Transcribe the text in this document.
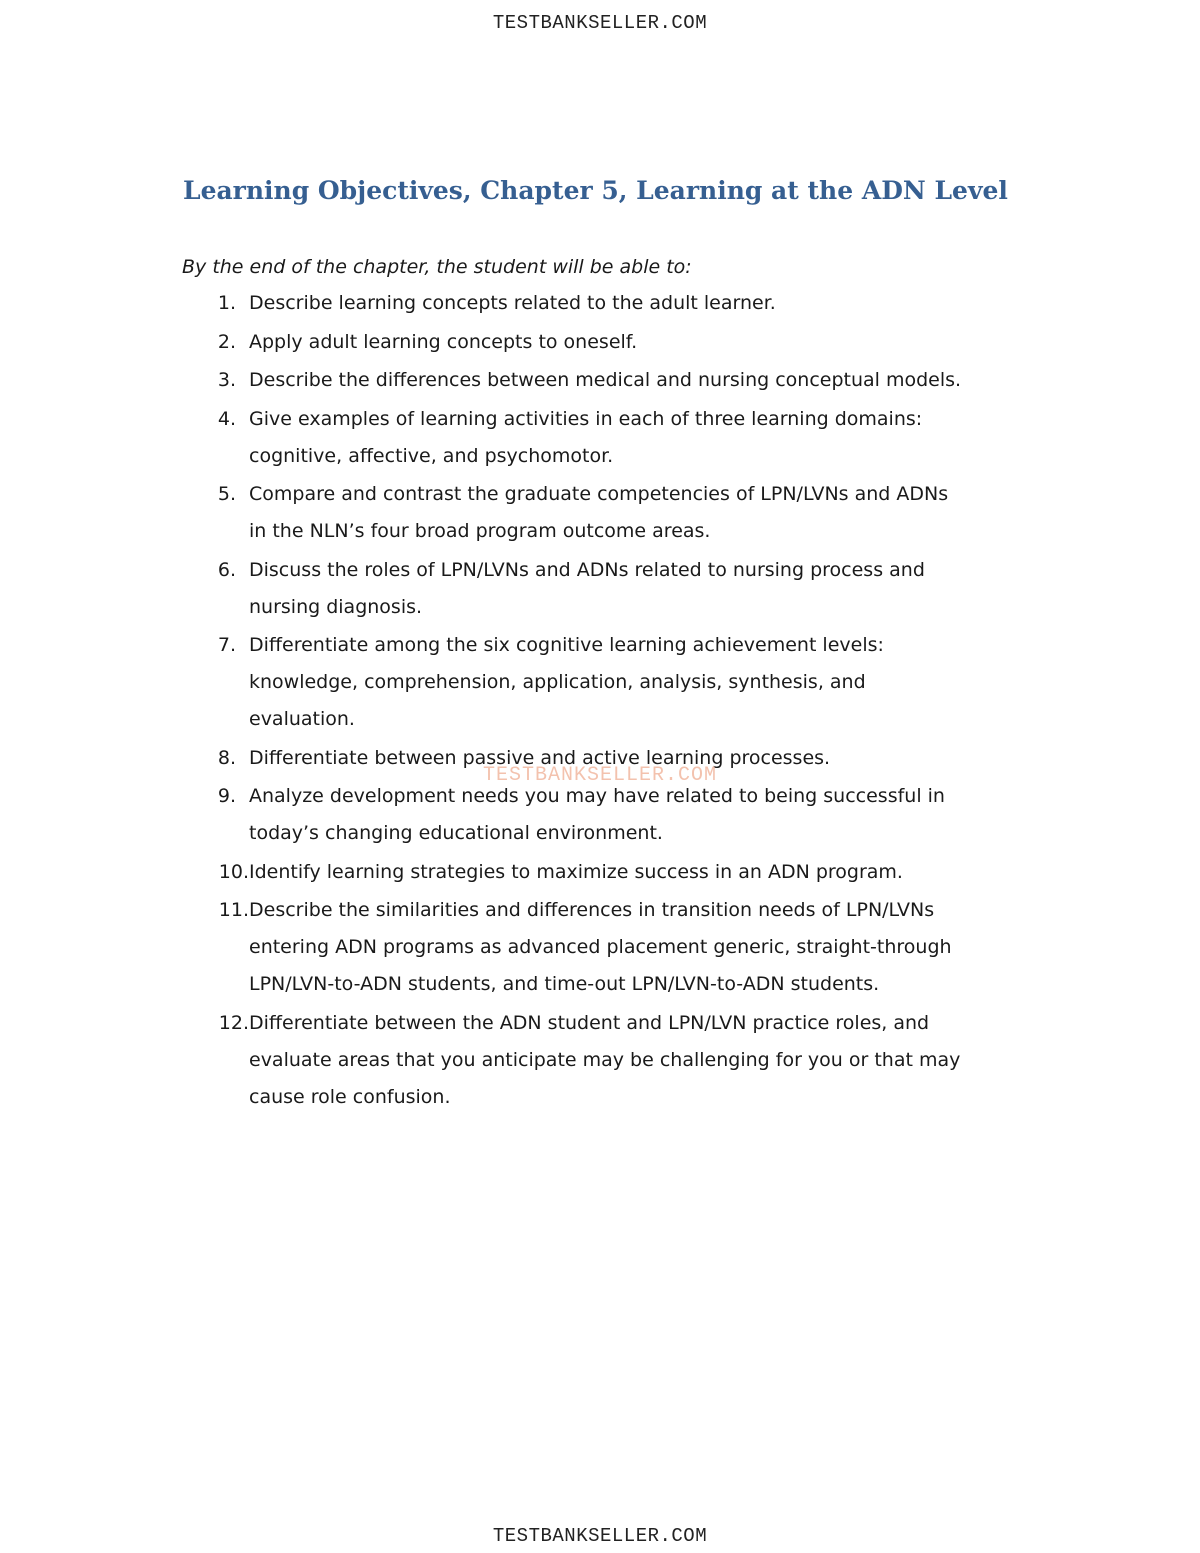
TESTBANKSELLER.COM
Learning Objectives, Chapter 5, Learning at the ADN Level

By the end of the chapter, the student will be able to:

1. Describe learning concepts related to the adult learner.
2. Apply adult learning concepts to oneself.
3. Describe the differences between medical and nursing conceptual models.
4. Give examples of learning activities in each of three learning domains:
cognitive, affective, and psychomotor.
5. Compare and contrast the graduate competencies of LPN/LVNs and ADNs
in the NLN’s four broad program outcome areas.
6. Discuss the roles of LPN/LVNs and ADNs related to nursing process and
nursing diagnosis.
7. Differentiate among the six cognitive learning achievement levels:
knowledge, comprehension, application, analysis, synthesis, and
evaluation.
8. Differentiate between passive and active learning processes.
9. Analyze development needs you may have related to being successful in
today’s changing educational environment.
10. Identify learning strategies to maximize success in an ADN program.
11. Describe the similarities and differences in transition needs of LPN/LVNs
entering ADN programs as advanced placement generic, straight-through
LPN/LVN-to-ADN students, and time-out LPN/LVN-to-ADN students.
12. Differentiate between the ADN student and LPN/LVN practice roles, and
evaluate areas that you anticipate may be challenging for you or that may
cause role confusion.
TESTBANKSELLER.COM
TESTBANKSELLER.COM
